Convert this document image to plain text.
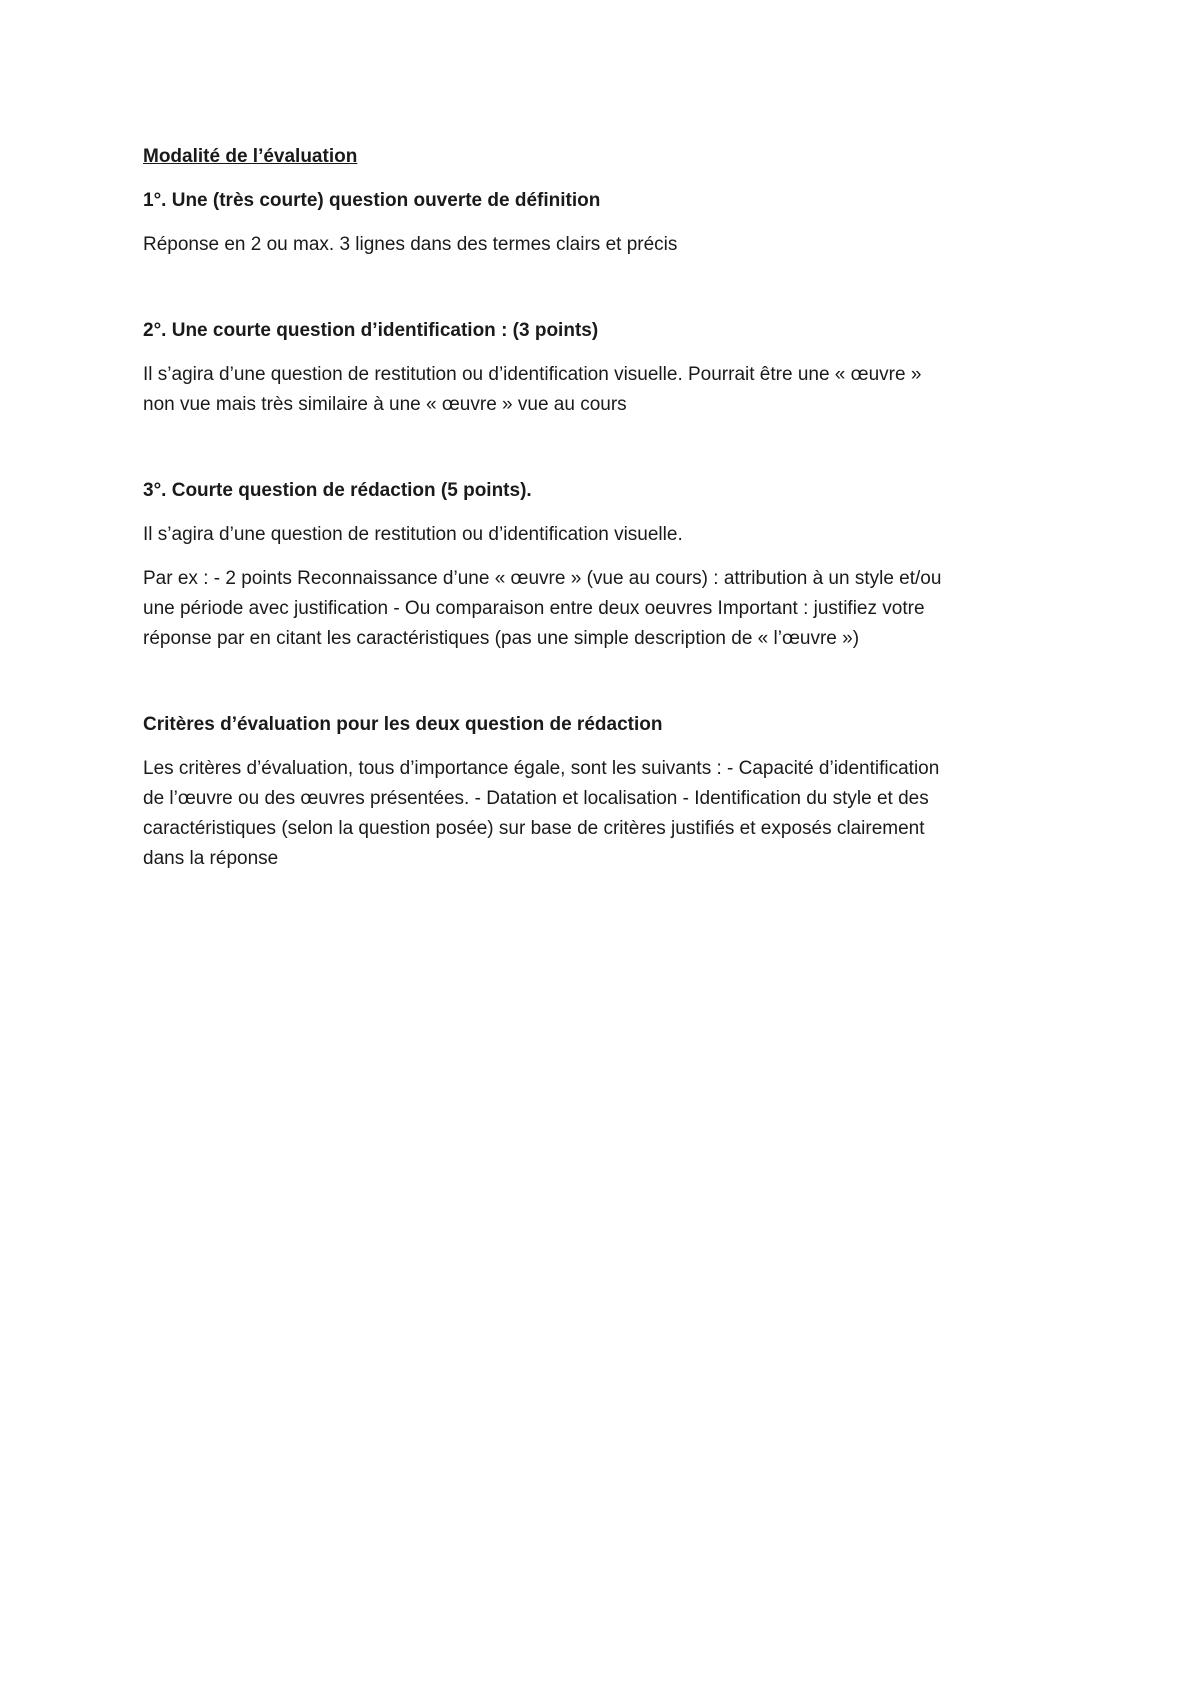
Modalité de l’évaluation
1°. Une (très courte) question ouverte de définition
Réponse en 2 ou max. 3 lignes dans des termes clairs et précis
2°. Une courte question d’identification : (3 points)
Il s’agira d’une question de restitution ou d’identification visuelle. Pourrait être une « œuvre »
non vue mais très similaire à une « œuvre » vue au cours
3°. Courte question de rédaction (5 points).
Il s’agira d’une question de restitution ou d’identification visuelle.
Par ex : - 2 points Reconnaissance d’une « œuvre » (vue au cours) : attribution à un style et/ou
une période avec justification - Ou comparaison entre deux oeuvres Important : justifiez votre
réponse par en citant les caractéristiques (pas une simple description de « l’œuvre »)
Critères d’évaluation pour les deux question de rédaction
Les critères d’évaluation, tous d’importance égale, sont les suivants : - Capacité d’identification
de l’œuvre ou des œuvres présentées. - Datation et localisation - Identification du style et des
caractéristiques (selon la question posée) sur base de critères justifiés et exposés clairement
dans la réponse
